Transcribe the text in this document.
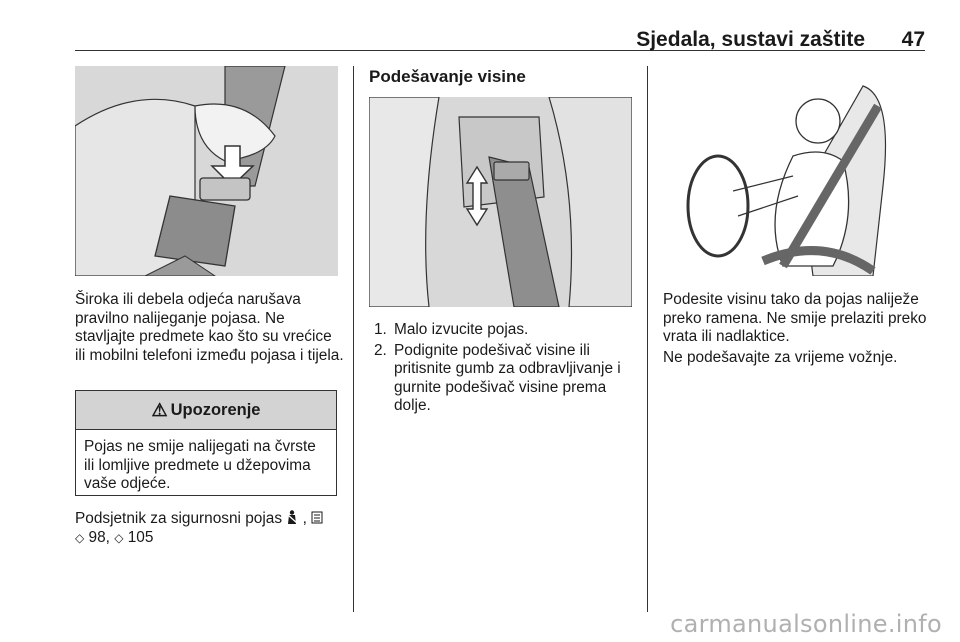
Sjedala, sustavi zaštite 47
Široka ili debela odjeća narušava pravilno nalijeganje pojasa. Ne stavljajte predmete kao što su vrećice ili mobilni telefoni između pojasa i tijela.
⚠ Upozorenje
Pojas ne smije nalijegati na čvrste ili lomljive predmete u džepovima vaše odjeće.
Podsjetnik za sigurnosni pojas ,
◇ 98, ◇ 105
Podešavanje visine
1. Malo izvucite pojas.
2. Podignite podešivač visine ili pritisnite gumb za odbravljivanje i gurnite podešivač visine prema dolje.
Podesite visinu tako da pojas naliježe preko ramena. Ne smije prelaziti preko vrata ili nadlaktice.
Ne podešavajte za vrijeme vožnje.
carmanualsonline.info
